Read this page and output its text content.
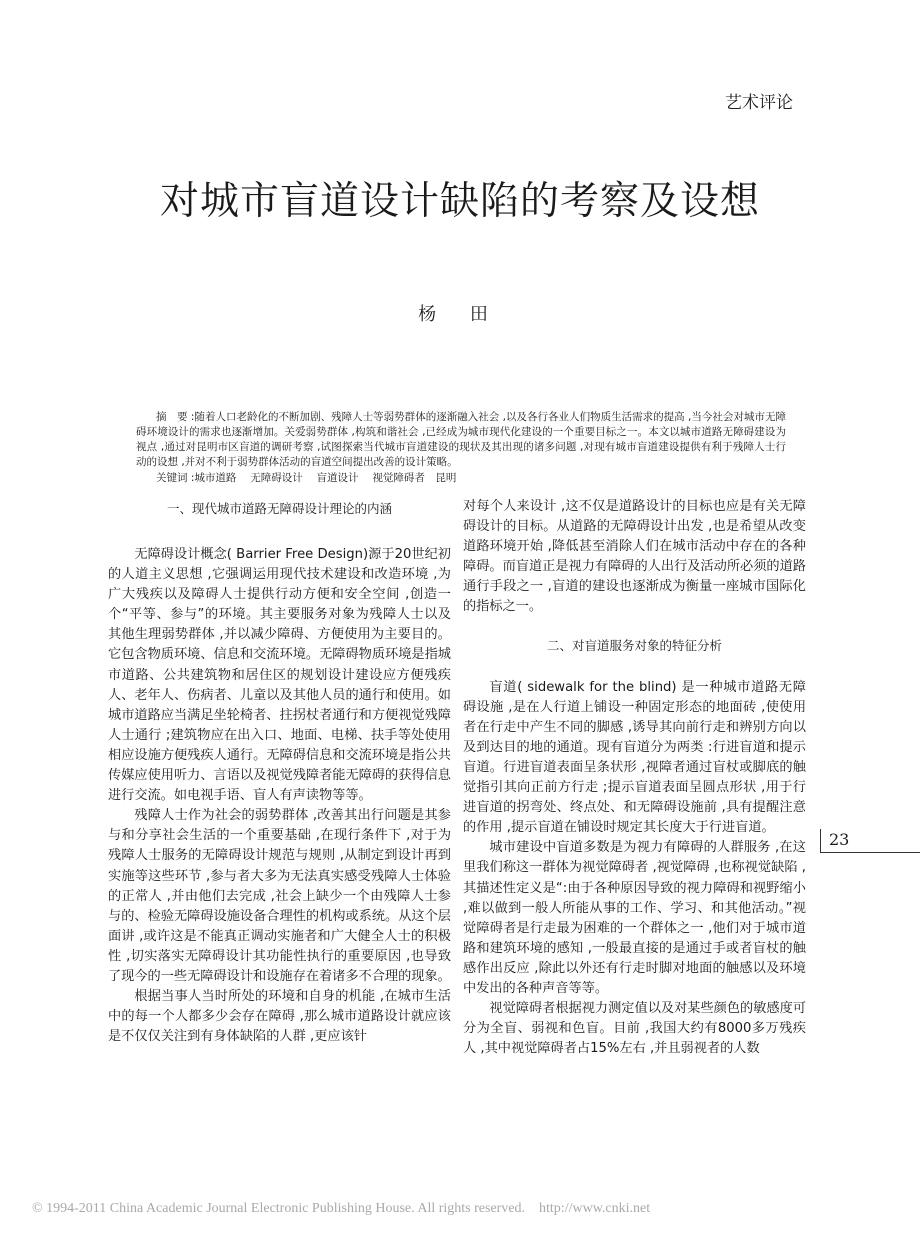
艺术评论
对城市盲道设计缺陷的考察及设想
杨 田
摘　要 :随着人口老龄化的不断加剧、残障人士等弱势群体的逐渐融入社会 ,以及各行各业人们物质生活需求的提高 ,当今社会对城市无障碍环境设计的需求也逐渐增加。关爱弱势群体 ,构筑和谐社会 ,已经成为城市现代化建设的一个重要目标之一。本文以城市道路无障碍建设为视点 ,通过对昆明市区盲道的调研考察 ,试图探索当代城市盲道建设的现状及其出现的诸多问题 ,对现有城市盲道建设提供有利于残障人士行动的设想 ,并对不利于弱势群体活动的盲道空间提出改善的设计策略。
关键词 :城市道路　 无障碍设计　 盲道设计　 视觉障碍者　昆明
一、现代城市道路无障碍设计理论的内涵

无障碍设计概念( Barrier Free Design)源于20世纪初的人道主义思想 ,它强调运用现代技术建设和改造环境 ,为广大残疾以及障碍人士提供行动方便和安全空间 ,创造一个“平等、参与”的环境。其主要服务对象为残障人士以及其他生理弱势群体 ,并以减少障碍、方便使用为主要目的。它包含物质环境、信息和交流环境。无障碍物质环境是指城市道路、公共建筑物和居住区的规划设计建设应方便残疾人、老年人、伤病者、儿童以及其他人员的通行和使用。如城市道路应当满足坐轮椅者、拄拐杖者通行和方便视觉残障人士通行 ;建筑物应在出入口、地面、电梯、扶手等处使用相应设施方便残疾人通行。无障碍信息和交流环境是指公共传媒应使用听力、言语以及视觉残障者能无障碍的获得信息进行交流。如电视手语、盲人有声读物等等。

残障人士作为社会的弱势群体 ,改善其出行问题是其参与和分享社会生活的一个重要基础 ,在现行条件下 ,对于为残障人士服务的无障碍设计规范与规则 ,从制定到设计再到实施等这些环节 ,参与者大多为无法真实感受残障人士体验的正常人 ,并由他们去完成 ,社会上缺少一个由残障人士参与的、检验无障碍设施设备合理性的机构或系统。从这个层面讲 ,或许这是不能真正调动实施者和广大健全人士的积极性 ,切实落实无障碍设计其功能性执行的重要原因 ,也导致了现今的一些无障碍设计和设施存在着诸多不合理的现象。

根据当事人当时所处的环境和自身的机能 ,在城市生活中的每一个人都多少会存在障碍 ,那么城市道路设计就应该是不仅仅关注到有身体缺陷的人群 ,更应该针

对每个人来设计 ,这不仅是道路设计的目标也应是有关无障碍设计的目标。从道路的无障碍设计出发 ,也是希望从改变道路环境开始 ,降低甚至消除人们在城市活动中存在的各种障碍。而盲道正是视力有障碍的人出行及活动所必须的道路通行手段之一 ,盲道的建设也逐渐成为衡量一座城市国际化的指标之一。

二、对盲道服务对象的特征分析

盲道( sidewalk for the blind) 是一种城市道路无障碍设施 ,是在人行道上铺设一种固定形态的地面砖 ,使使用者在行走中产生不同的脚感 ,诱导其向前行走和辨别方向以及到达目的地的通道。现有盲道分为两类 :行进盲道和提示盲道。行进盲道表面呈条状形 ,视障者通过盲杖或脚底的触觉指引其向正前方行走 ;提示盲道表面呈圆点形状 ,用于行进盲道的拐弯处、终点处、和无障碍设施前 ,具有提醒注意的作用 ,提示盲道在铺设时规定其长度大于行进盲道。

城市建设中盲道多数是为视力有障碍的人群服务 ,在这里我们称这一群体为视觉障碍者 ,视觉障碍 ,也称视觉缺陷 ,其描述性定义是“:由于各种原因导致的视力障碍和视野缩小 ,难以做到一般人所能从事的工作、学习、和其他活动。”视觉障碍者是行走最为困难的一个群体之一 ,他们对于城市道路和建筑环境的感知 ,一般最直接的是通过手或者盲杖的触感作出反应 ,除此以外还有行走时脚对地面的触感以及环境中发出的各种声音等等。

视觉障碍者根据视力测定值以及对某些颜色的敏感度可分为全盲、弱视和色盲。目前 ,我国大约有8000多万残疾人 ,其中视觉障碍者占15%左右 ,并且弱视者的人数

23
© 1994-2011 China Academic Journal Electronic Publishing House. All rights reserved.    http://www.cnki.net
